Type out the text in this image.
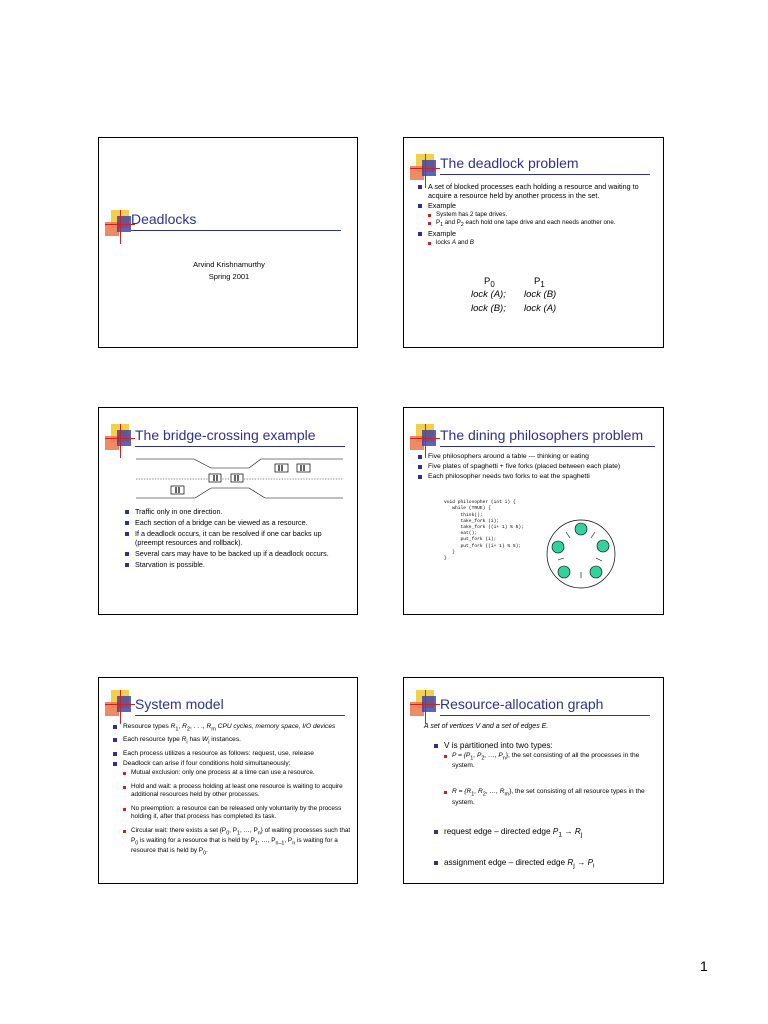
Deadlocks
Arvind Krishnamurthy
Spring 2001
The deadlock problem
A set of blocked processes each holding a resource and waiting to acquire a resource held by another process in the set.
Example
System has 2 tape drives.
$P_1$ and $P_2$ each hold one tape drive and each needs another one.
Example
locks A and B
$P_0$	$P_1$
lock (A); lock (B)
lock (B); lock (A)
The bridge-crossing example
Traffic only in one direction.
Each section of a bridge can be viewed as a resource.
If a deadlock occurs, it can be resolved if one car backs up (preempt resources and rollback).
Several cars may have to be backed up if a deadlock occurs.
Starvation is possible.
The dining philosophers problem
Five philosophers around a table --- thinking or eating
Five plates of spaghetti + five forks (placed between each plate)
Each philosopher needs two forks to eat the spaghetti

void philosopher (int i) {
while (TRUE) {
think();
take_fork (i);
take_fork ((i+ 1) % 5);
eat();
put_fork (i);
put_fork ((i+ 1) % 5);
}
}

System model
Resource types $R_1$, $R_2$, . . ., $R_m$ CPU cycles, memory space, I/O devices
Each resource type $R_i$ has $W_i$ instances.
Each process utilizes a resource as follows: request, use, release
Deadlock can arise if four conditions hold simultaneously:
Mutual exclusion: only one process at a time can use a resource.
Hold and wait: a process holding at least one resource is waiting to acquire additional resources held by other processes.
No preemption: a resource can be released only voluntarily by the process holding it, after that process has completed its task.
Circular wait: there exists a set {$P_0$, $P_1$, …, $P_n$} of waiting processes such that $P_0$ is waiting for a resource that is held by $P_1$, …, $P_{n-1}$, $P_n$ is waiting for a resource that is held by $P_0$.
Resource-allocation graph
A set of vertices V and a set of edges E.
V is partitioned into two types:
$P = \{P_1$, $P_2$, …, $P_n$}, the set consisting of all the processes in the system.
$R = \{R_1$, $R_2$, …, $R_m$}, the set consisting of all resource types in the system.
request edge – directed edge $P_1 \to R_j$
assignment edge – directed edge $R_j \to P_i$
1
